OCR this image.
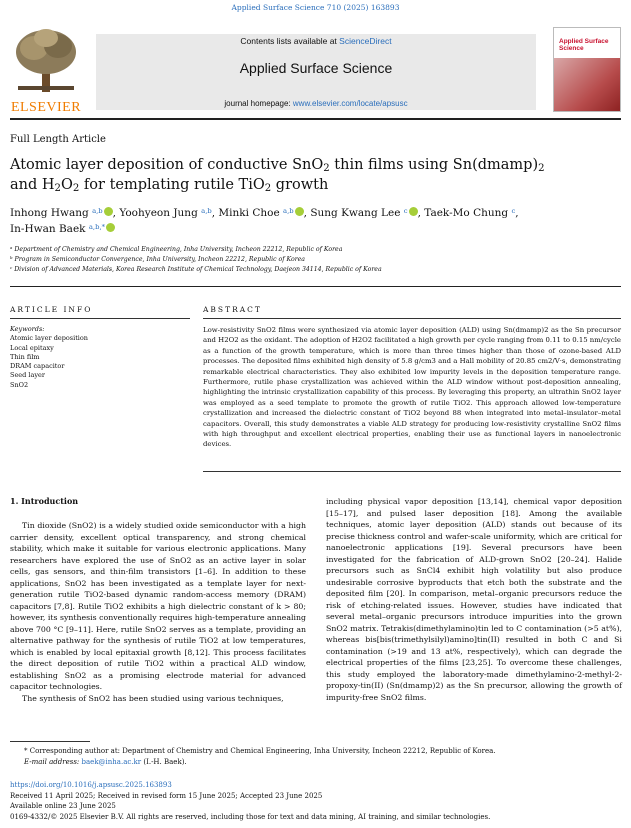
Applied Surface Science 710 (2025) 163893
ELSEVIER
Contents lists available at ScienceDirect
Applied Surface Science
journal homepage: www.elsevier.com/locate/apsusc
Applied Surface Science
Full Length Article
Atomic layer deposition of conductive SnO$_2$ thin films using $Sn(dmamp)_2$
and $H_2O_2$ for templating rutile TiO$_2$ growth
Inhong Hwang $^{a,b}$ , Yoohyeon Jung $^{a,b}$, Minki Choe $^{a,b}$ , Sung Kwang Lee $^c$ , Taek-Mo Chung $^c$,
In-Hwan Baek $^{a,b,*}$
$^a$ Department of Chemistry and Chemical Engineering, Inha University, Incheon 22212, Republic of Korea
$^b$ Program in Semiconductor Convergence, Inha University, Incheon 22212, Republic of Korea
$^c$ Division of Advanced Materials, Korea Research Institute of Chemical Technology, Daejeon 34114, Republic of Korea
ARTICLE INFO
Keywords:
Atomic layer deposition
Local epitaxy
Thin film
DRAM capacitor
Seed layer
SnO2
ABSTRACT
Low-resistivity SnO2 films were synthesized via atomic layer deposition (ALD) using Sn(dmamp)2 as the Sn precursor and H2O2 as the oxidant. The adoption of H2O2 facilitated a high growth per cycle ranging from 0.11 to 0.15 nm/cycle as a function of the growth temperature, which is more than three times higher than those of ozone-based ALD processes. The deposited films exhibited high density of 5.8 g/cm3 and a Hall mobility of 20.85 cm2/V·s, demonstrating remarkable electrical characteristics. They also exhibited low impurity levels in the deposition temperature range. Furthermore, rutile phase crystallization was achieved within the ALD window without post-deposition annealing, highlighting the intrinsic crystallization capability of this process. By leveraging this property, an ultrathin SnO2 layer was employed as a seed template to promote the growth of rutile TiO2. This approach allowed low-temperature crystallization and increased the dielectric constant of TiO2 beyond 88 when integrated into metal–insulator–metal capacitors. Overall, this study demonstrates a viable ALD strategy for producing low-resistivity crystalline SnO2 films with high throughput and excellent electrical properties, enabling their use as functional layers in nanoelectronic devices.
1. Introduction

Tin dioxide (SnO2) is a widely studied oxide semiconductor with a high carrier density, excellent optical transparency, and strong chemical stability, which make it suitable for various electronic applications. Many researchers have explored the use of SnO2 as an active layer in solar cells, gas sensors, and thin-film transistors [1–6]. In addition to these applications, SnO2 has been investigated as a template layer for next-generation rutile TiO2-based dynamic random-access memory (DRAM) capacitors [7,8]. Rutile TiO2 exhibits a high dielectric constant of k > 80; however, its synthesis conventionally requires high-temperature annealing above 700 °C [9–11]. Here, rutile SnO2 serves as a template, providing an alternative pathway for the synthesis of rutile TiO2 at low temperatures, which is enabled by local epitaxial growth [8,12]. This process facilitates the direct deposition of rutile TiO2 within a practical ALD window, establishing SnO2 as a promising electrode material for advanced capacitor technologies.

The synthesis of SnO2 has been studied using various techniques,

including physical vapor deposition [13,14], chemical vapor deposition [15–17], and pulsed laser deposition [18]. Among the available techniques, atomic layer deposition (ALD) stands out because of its precise thickness control and wafer-scale uniformity, which are critical for nanoelectronic applications [19]. Several precursors have been investigated for the fabrication of ALD-grown SnO2 [20–24]. Halide precursors such as SnCl4 exhibit high volatility but also produce undesirable corrosive byproducts that etch both the substrate and the deposited film [20]. In comparison, metal–organic precursors reduce the risk of etching-related issues. However, studies have indicated that several metal–organic precursors introduce impurities into the grown SnO2 matrix. Tetrakis(dimethylamino)tin led to C contamination (>5 at%), whereas bis[bis(trimethylsilyl)amino]tin(II) resulted in both C and Si contamination (>19 and 13 at%, respectively), which can degrade the electrical properties of the films [23,25]. To overcome these challenges, this study employed the laboratory-made dimethylamino-2-methyl-2-propoxy-tin(II) (Sn(dmamp)2) as the Sn precursor, allowing the growth of impurity-free SnO2 films.

* Corresponding author at: Department of Chemistry and Chemical Engineering, Inha University, Incheon 22212, Republic of Korea.
E-mail address: baek@inha.ac.kr (I.-H. Baek).
https://doi.org/10.1016/j.apsusc.2025.163893
Received 11 April 2025; Received in revised form 15 June 2025; Accepted 23 June 2025
Available online 23 June 2025
0169-4332/© 2025 Elsevier B.V. All rights are reserved, including those for text and data mining, AI training, and similar technologies.
